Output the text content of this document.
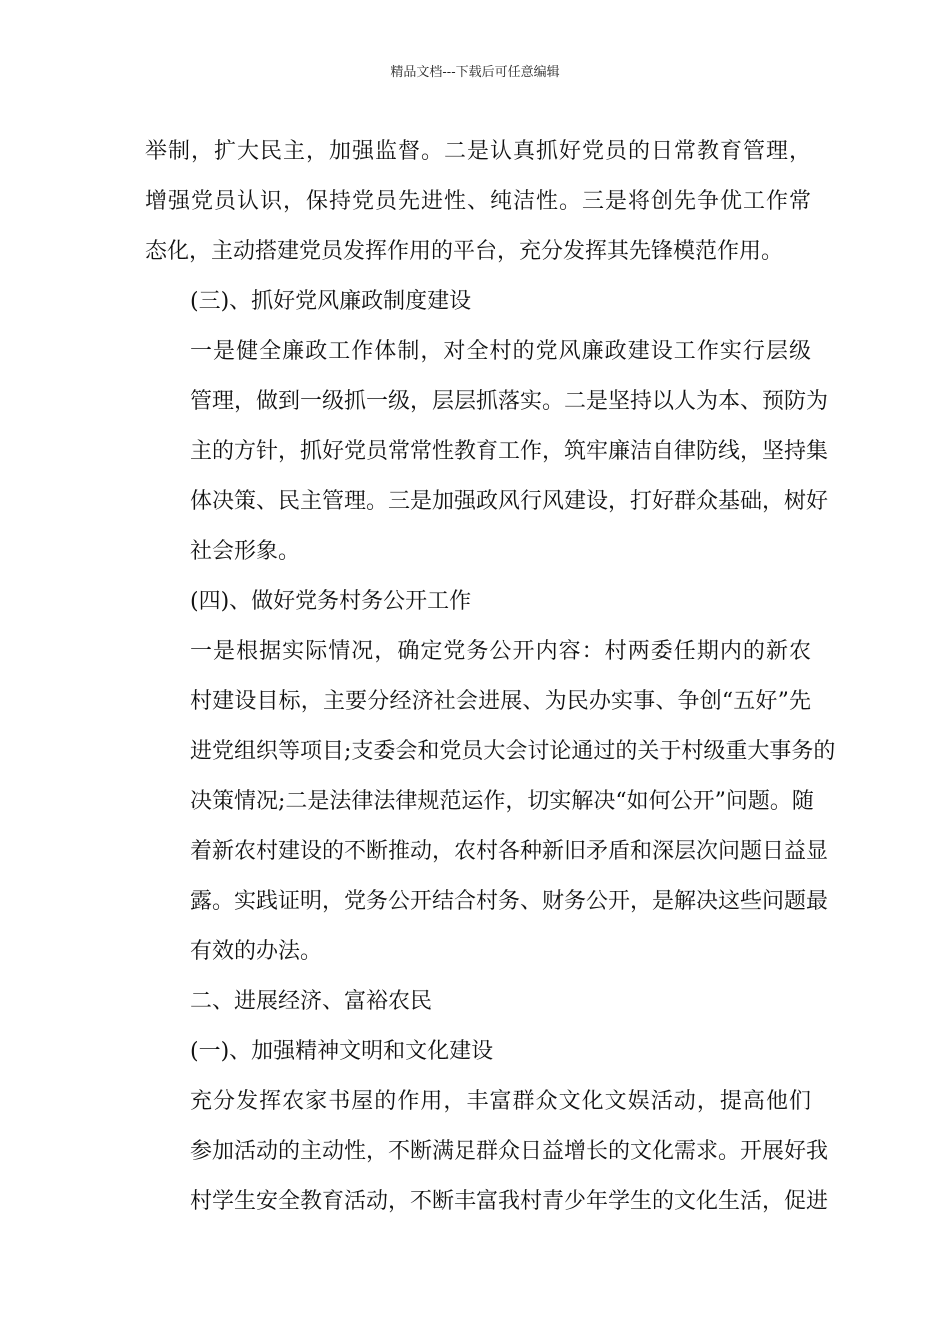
精品文档---下载后可任意编辑

举制，扩大民主，加强监督。二是认真抓好党员的日常教育管理，
增强党员认识，保持党员先进性、纯洁性。三是将创先争优工作常
态化，主动搭建党员发挥作用的平台，充分发挥其先锋模范作用。

(三)、抓好党风廉政制度建设

一是健全廉政工作体制，对全村的党风廉政建设工作实行层级
管理，做到一级抓一级，层层抓落实。二是坚持以人为本、预防为
主的方针，抓好党员常常性教育工作，筑牢廉洁自律防线，坚持集
体决策、民主管理。三是加强政风行风建设，打好群众基础，树好
社会形象。

(四)、做好党务村务公开工作

一是根据实际情况，确定党务公开内容：村两委任期内的新农
村建设目标，主要分经济社会进展、为民办实事、争创“五好”先
进党组织等项目;支委会和党员大会讨论通过的关于村级重大事务的
决策情况;二是法律法律规范运作，切实解决“如何公开”问题。随
着新农村建设的不断推动，农村各种新旧矛盾和深层次问题日益显
露。实践证明，党务公开结合村务、财务公开，是解决这些问题最
有效的办法。

二、进展经济、富裕农民

(一)、加强精神文明和文化建设

充分发挥农家书屋的作用，丰富群众文化文娱活动，提高他们
参加活动的主动性，不断满足群众日益增长的文化需求。开展好我
村学生安全教育活动，不断丰富我村青少年学生的文化生活，促进
